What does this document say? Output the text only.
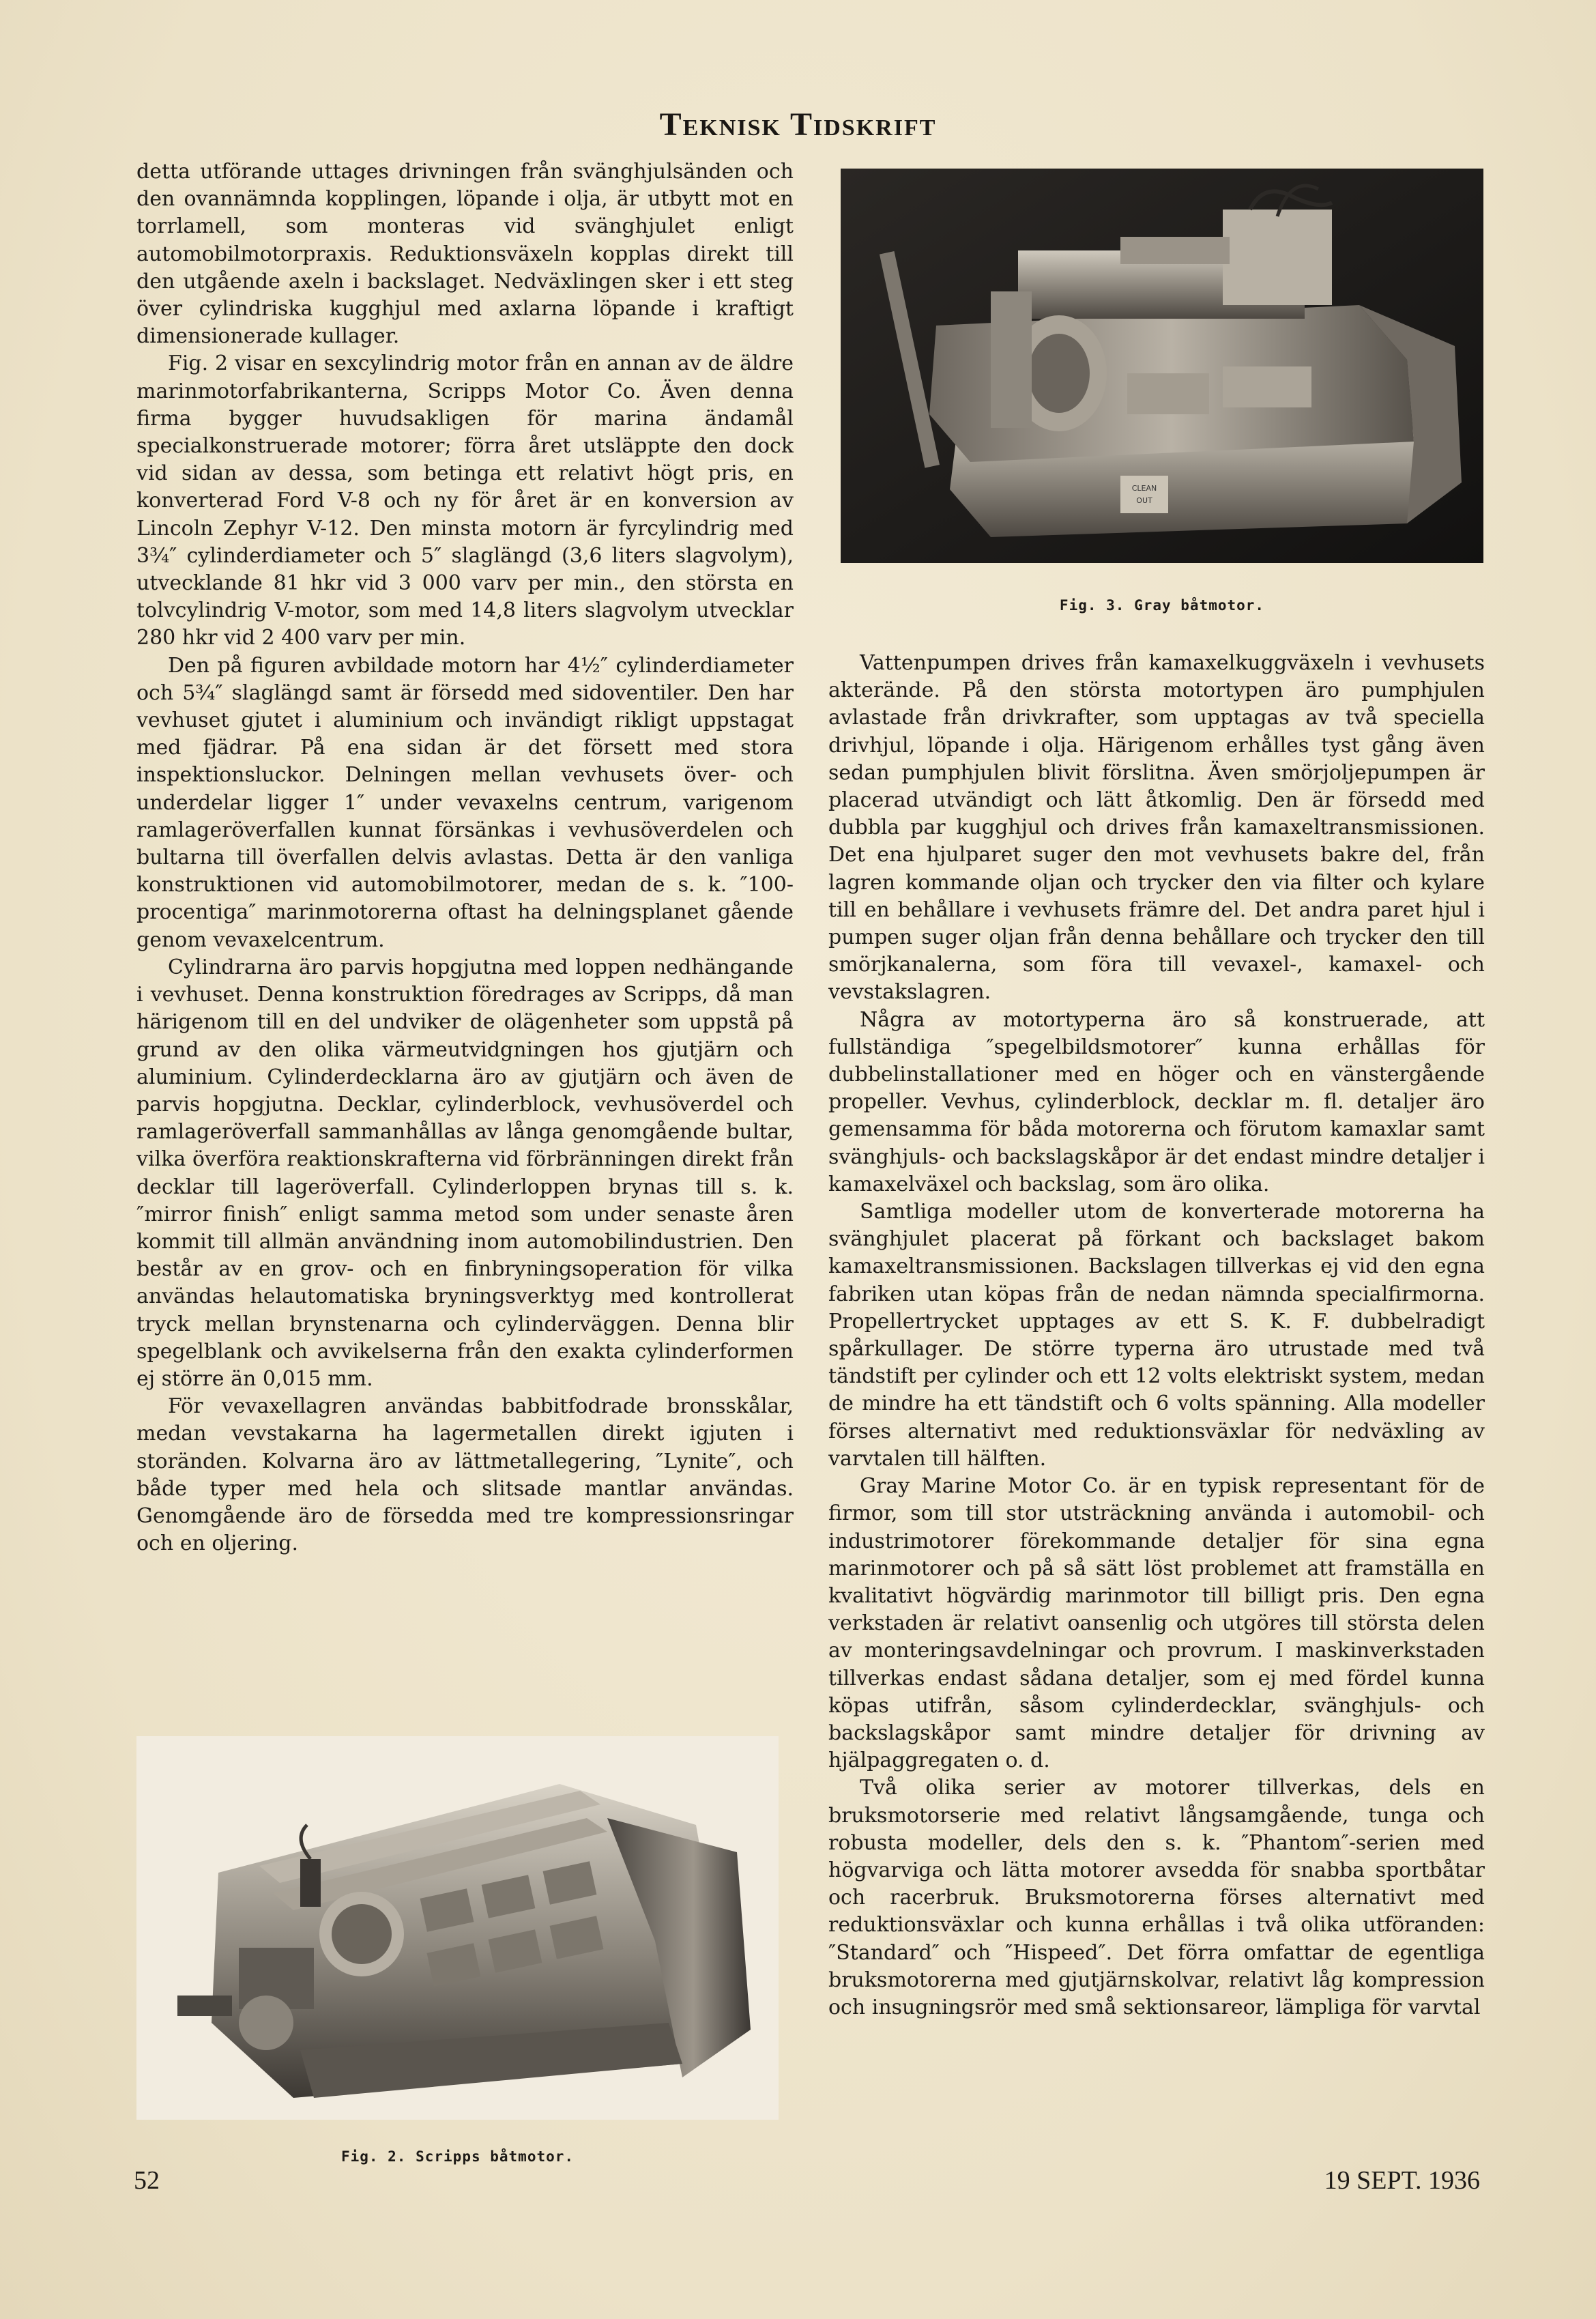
Teknisk Tidskrift

detta utförande uttages drivningen från svänghjulsänden och den ovannämnda kopplingen, löpande i olja, är utbytt mot en torrlamell, som monteras vid svänghjulet enligt automobilmotorpraxis. Reduktionsväxeln kopplas direkt till den utgående axeln i backslaget. Nedväxlingen sker i ett steg över cylindriska kugghjul med axlarna löpande i kraftigt dimensionerade kullager.

Fig. 2 visar en sexcylindrig motor från en annan av de äldre marinmotorfabrikanterna, Scripps Motor Co. Även denna firma bygger huvudsakligen för marina ändamål specialkonstruerade motorer; förra året utsläppte den dock vid sidan av dessa, som betinga ett relativt högt pris, en konverterad Ford V-8 och ny för året är en konversion av Lincoln Zephyr V-12. Den minsta motorn är fyrcylindrig med 3¾″ cylinderdiameter och 5″ slaglängd (3,6 liters slagvolym), utvecklande 81 hkr vid 3 000 varv per min., den största en tolvcylindrig V-motor, som med 14,8 liters slagvolym utvecklar 280 hkr vid 2 400 varv per min.

Den på figuren avbildade motorn har 4½″ cylinderdiameter och 5¾″ slaglängd samt är försedd med sidoventiler. Den har vevhuset gjutet i aluminium och invändigt rikligt uppstagat med fjädrar. På ena sidan är det försett med stora inspektionsluckor. Delningen mellan vevhusets över- och underdelar ligger 1″ under vevaxelns centrum, varigenom ramlageröverfallen kunnat försänkas i vevhusöverdelen och bultarna till överfallen delvis avlastas. Detta är den vanliga konstruktionen vid automobilmotorer, medan de s. k. ″100-procentiga″ marinmotorerna oftast ha delningsplanet gående genom vevaxelcentrum.

Cylindrarna äro parvis hopgjutna med loppen nedhängande i vevhuset. Denna konstruktion föredrages av Scripps, då man härigenom till en del undviker de olägenheter som uppstå på grund av den olika värmeutvidgningen hos gjutjärn och aluminium. Cylinderdecklarna äro av gjutjärn och även de parvis hopgjutna. Decklar, cylinderblock, vevhusöverdel och ramlageröverfall sammanhållas av långa genomgående bultar, vilka överföra reaktionskrafterna vid förbränningen direkt från decklar till lageröverfall. Cylinderloppen brynas till s. k. ″mirror finish″ enligt samma metod som under senaste åren kommit till allmän användning inom automobilindustrien. Den består av en grov- och en finbryningsoperation för vilka användas helautomatiska bryningsverktyg med kontrollerat tryck mellan brynstenarna och cylinderväggen. Denna blir spegelblank och avvikelserna från den exakta cylinderformen ej större än 0,015 mm.

För vevaxellagren användas babbitfodrade bronsskålar, medan vevstakarna ha lagermetallen direkt igjuten i storänden. Kolvarna äro av lättmetallegering, ″Lynite″, och både typer med hela och slitsade mantlar användas. Genomgående äro de försedda med tre kompressionsringar och en oljering.

CLEAN
OUT
Fig. 3. Gray båtmotor.

Vattenpumpen drives från kamaxelkuggväxeln i vevhusets akterände. På den största motortypen äro pumphjulen avlastade från drivkrafter, som upptagas av två speciella drivhjul, löpande i olja. Härigenom erhålles tyst gång även sedan pumphjulen blivit förslitna. Även smörjoljepumpen är placerad utvändigt och lätt åtkomlig. Den är försedd med dubbla par kugghjul och drives från kamaxeltransmissionen. Det ena hjulparet suger den mot vevhusets bakre del, från lagren kommande oljan och trycker den via filter och kylare till en behållare i vevhusets främre del. Det andra paret hjul i pumpen suger oljan från denna behållare och trycker den till smörjkanalerna, som föra till vevaxel-, kamaxel- och vevstakslagren.

Några av motortyperna äro så konstruerade, att fullständiga ″spegelbildsmotorer″ kunna erhållas för dubbelinstallationer med en höger och en vänstergående propeller. Vevhus, cylinderblock, decklar m. fl. detaljer äro gemensamma för båda motorerna och förutom kamaxlar samt svänghjuls- och backslagskåpor är det endast mindre detaljer i kamaxelväxel och backslag, som äro olika.

Samtliga modeller utom de konverterade motorerna ha svänghjulet placerat på förkant och backslaget bakom kamaxeltransmissionen. Backslagen tillverkas ej vid den egna fabriken utan köpas från de nedan nämnda specialfirmorna. Propellertrycket upptages av ett S. K. F. dubbelradigt spårkullager. De större typerna äro utrustade med två tändstift per cylinder och ett 12 volts elektriskt system, medan de mindre ha ett tändstift och 6 volts spänning. Alla modeller förses alternativt med reduktionsväxlar för nedväxling av varvtalen till hälften.

Gray Marine Motor Co. är en typisk representant för de firmor, som till stor utsträckning använda i automobil- och industrimotorer förekommande detaljer för sina egna marinmotorer och på så sätt löst problemet att framställa en kvalitativt högvärdig marinmotor till billigt pris. Den egna verkstaden är relativt oansenlig och utgöres till största delen av monteringsavdelningar och provrum. I maskinverkstaden tillverkas endast sådana detaljer, som ej med fördel kunna köpas utifrån, såsom cylinderdecklar, svänghjuls- och backslagskåpor samt mindre detaljer för drivning av hjälpaggregaten o. d.

Två olika serier av motorer tillverkas, dels en bruksmotorserie med relativt långsamgående, tunga och robusta modeller, dels den s. k. ″Phantom″-serien med högvarviga och lätta motorer avsedda för snabba sportbåtar och racerbruk. Bruksmotorerna förses alternativt med reduktionsväxlar och kunna erhållas i två olika utföranden: ″Standard″ och ″Hispeed″. Det förra omfattar de egentliga bruksmotorerna med gjutjärnskolvar, relativt låg kompression och insugningsrör med små sektionsareor, lämpliga för varvtal

Fig. 2. Scripps båtmotor.
52	19 SEPT. 1936
